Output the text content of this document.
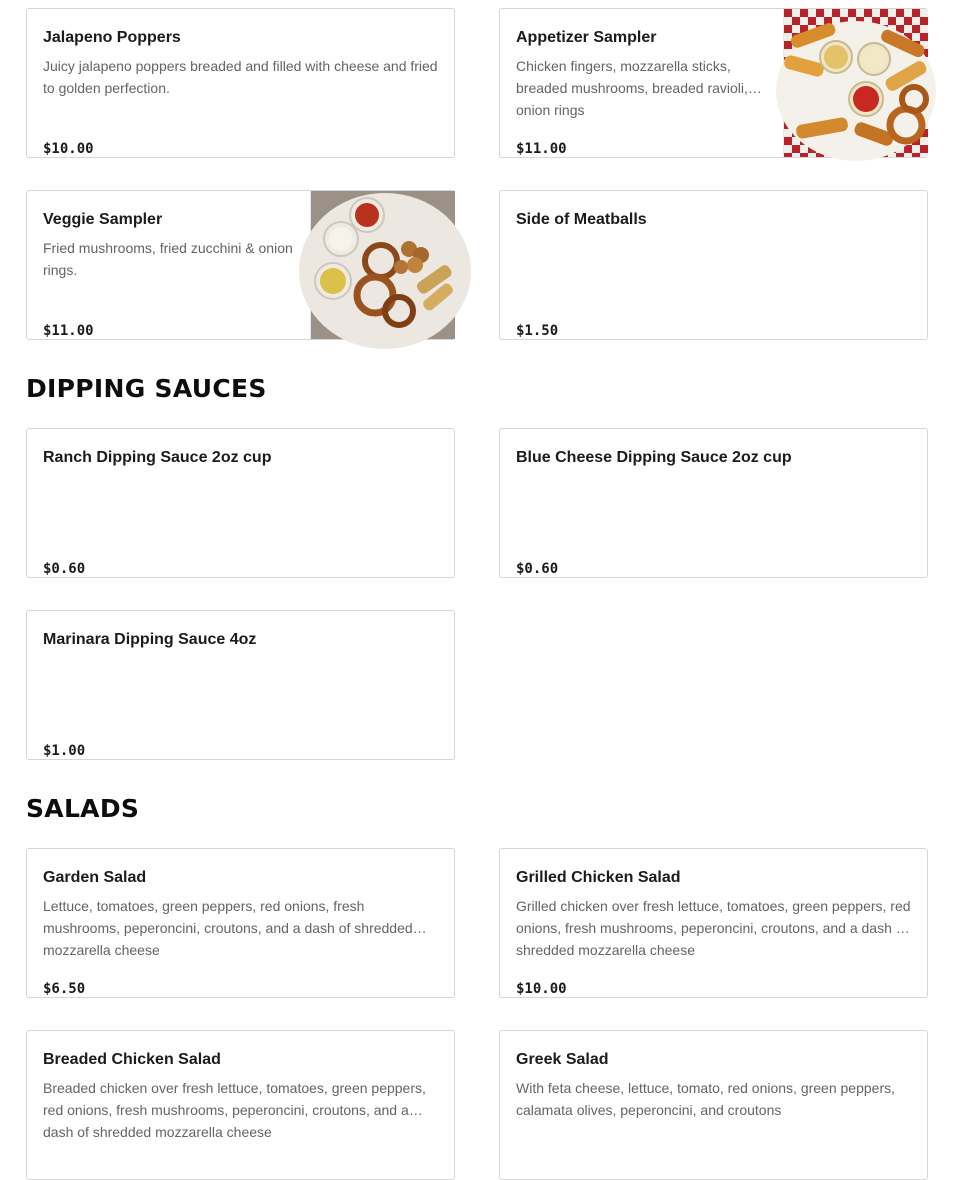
Jalapeno Poppers
Juicy jalapeno poppers breaded and filled with cheese and fried to golden perfection.
$10.00
Appetizer Sampler
Chicken fingers, mozzarella sticks, breaded mushrooms, breaded ravioli, onion rings
$11.00
Veggie Sampler
Fried mushrooms, fried zucchini & onion rings.
$11.00
Side of Meatballs
$1.50
DIPPING SAUCES
Ranch Dipping Sauce 2oz cup
$0.60
Blue Cheese Dipping Sauce 2oz cup
$0.60
Marinara Dipping Sauce 4oz
$1.00
SALADS
Garden Salad
Lettuce, tomatoes, green peppers, red onions, fresh mushrooms, peperoncini, croutons, and a dash of shredded mozzarella cheese
$6.50
Grilled Chicken Salad
Grilled chicken over fresh lettuce, tomatoes, green peppers, red onions, fresh mushrooms, peperoncini, croutons, and a dash of shredded mozzarella cheese
$10.00
Breaded Chicken Salad
Breaded chicken over fresh lettuce, tomatoes, green peppers, red onions, fresh mushrooms, peperoncini, croutons, and a dash of shredded mozzarella cheese
Greek Salad
With feta cheese, lettuce, tomato, red onions, green peppers, calamata olives, peperoncini, and croutons
